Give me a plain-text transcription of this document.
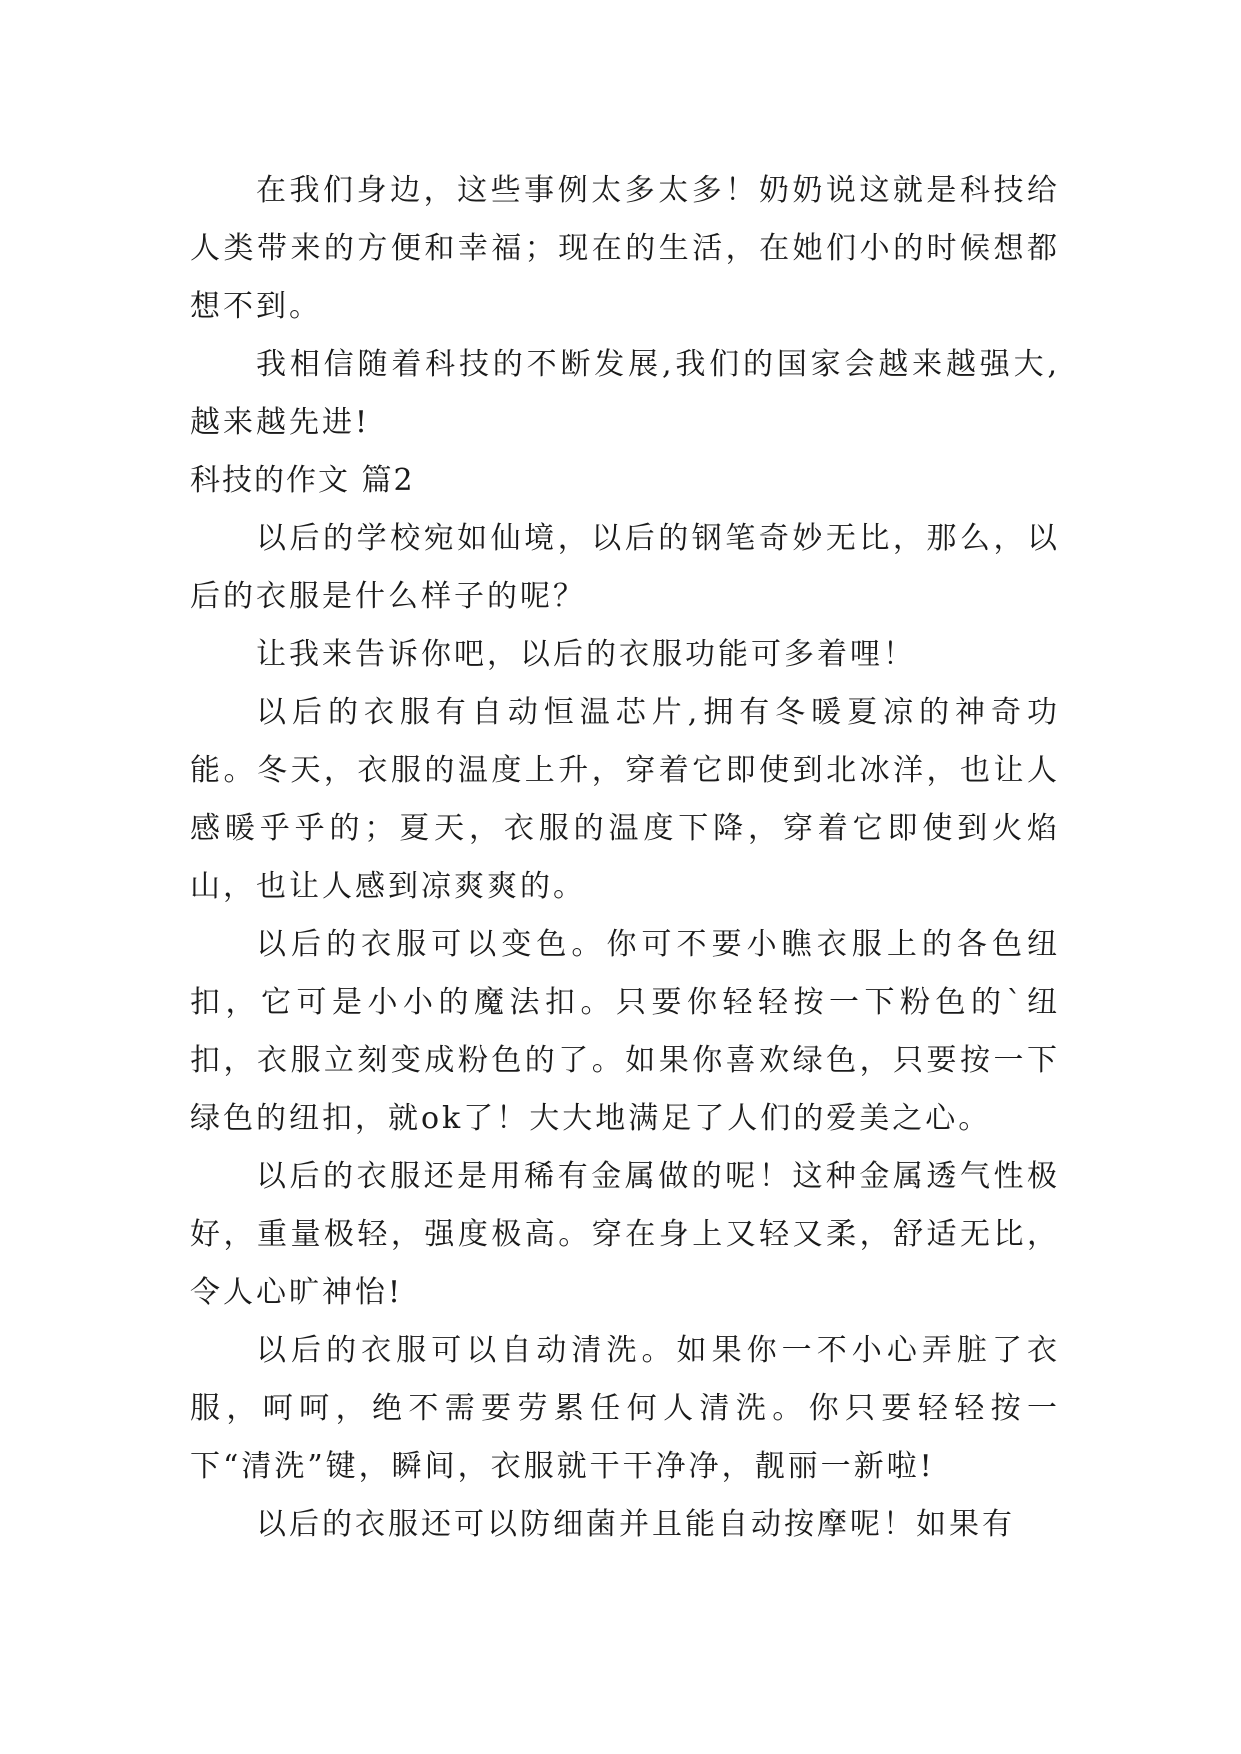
在我们身边，这些事例太多太多！奶奶说这就是科技给人类带来的方便和幸福；现在的生活，在她们小的时候想都想不到。

我相信随着科技的不断发展,我们的国家会越来越强大,越来越先进!

科技的作文 篇2

以后的学校宛如仙境，以后的钢笔奇妙无比，那么，以后的衣服是什么样子的呢？

让我来告诉你吧，以后的衣服功能可多着哩！

以后的衣服有自动恒温芯片,拥有冬暖夏凉的神奇功能。冬天，衣服的温度上升，穿着它即使到北冰洋，也让人感暖乎乎的；夏天，衣服的温度下降，穿着它即使到火焰山，也让人感到凉爽爽的。

以后的衣服可以变色。你可不要小瞧衣服上的各色纽扣，它可是小小的魔法扣。只要你轻轻按一下粉色的`纽扣，衣服立刻变成粉色的了。如果你喜欢绿色，只要按一下绿色的纽扣，就ok了！大大地满足了人们的爱美之心。

以后的衣服还是用稀有金属做的呢！这种金属透气性极好，重量极轻，强度极高。穿在身上又轻又柔，舒适无比，令人心旷神怡!

以后的衣服可以自动清洗。如果你一不小心弄脏了衣服，呵呵，绝不需要劳累任何人清洗。你只要轻轻按一下“清洗”键，瞬间，衣服就干干净净，靓丽一新啦!

以后的衣服还可以防细菌并且能自动按摩呢！如果有
